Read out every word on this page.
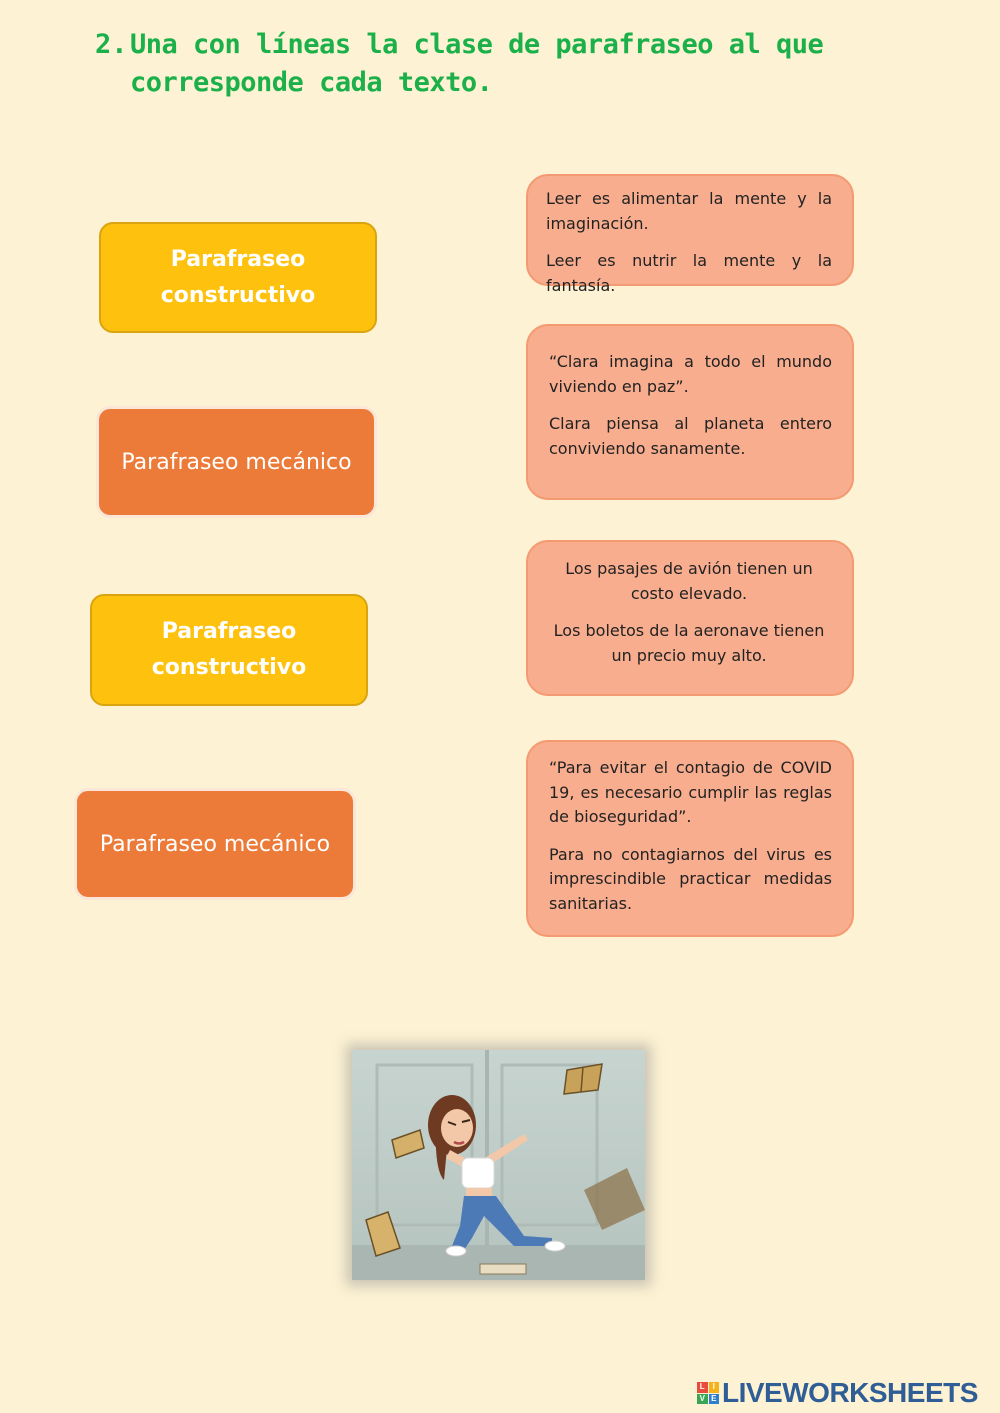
2. Una con líneas la clase de parafraseo al que corresponde cada texto.
Parafraseo constructivo
Parafraseo mecánico
Parafraseo constructivo
Parafraseo mecánico

Leer es alimentar la mente y la imaginación.

Leer es nutrir la mente y la fantasía.

“Clara imagina a todo el mundo viviendo en paz”.

Clara piensa al planeta entero conviviendo sanamente.

Los pasajes de avión tienen un costo elevado.

Los boletos de la aeronave tienen un precio muy alto.

“Para evitar el contagio de COVID 19, es necesario cumplir las reglas de bioseguridad”.

Para no contagiarnos del virus es imprescindible practicar medidas sanitarias.

L I
V E LIVEWORKSHEETS
